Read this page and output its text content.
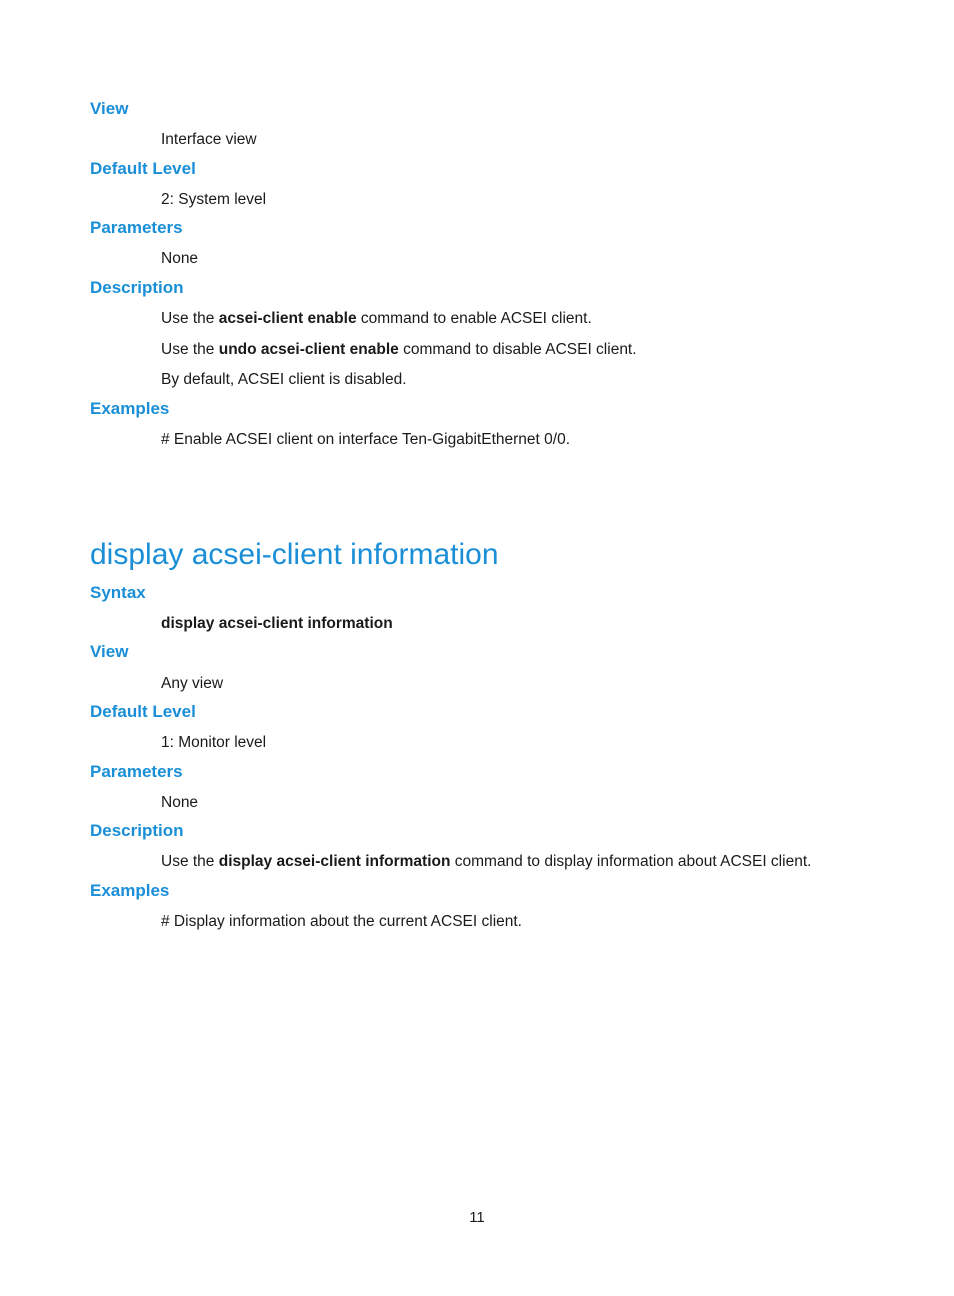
View
Interface view
Default Level
2: System level
Parameters
None
Description
Use the acsei-client enable command to enable ACSEI client.
Use the undo acsei-client enable command to disable ACSEI client.
By default, ACSEI client is disabled.
Examples
# Enable ACSEI client on interface Ten-GigabitEthernet 0/0.
display acsei-client information
Syntax
display acsei-client information
View
Any view
Default Level
1: Monitor level
Parameters
None
Description
Use the display acsei-client information command to display information about ACSEI client.
Examples
# Display information about the current ACSEI client.
11
